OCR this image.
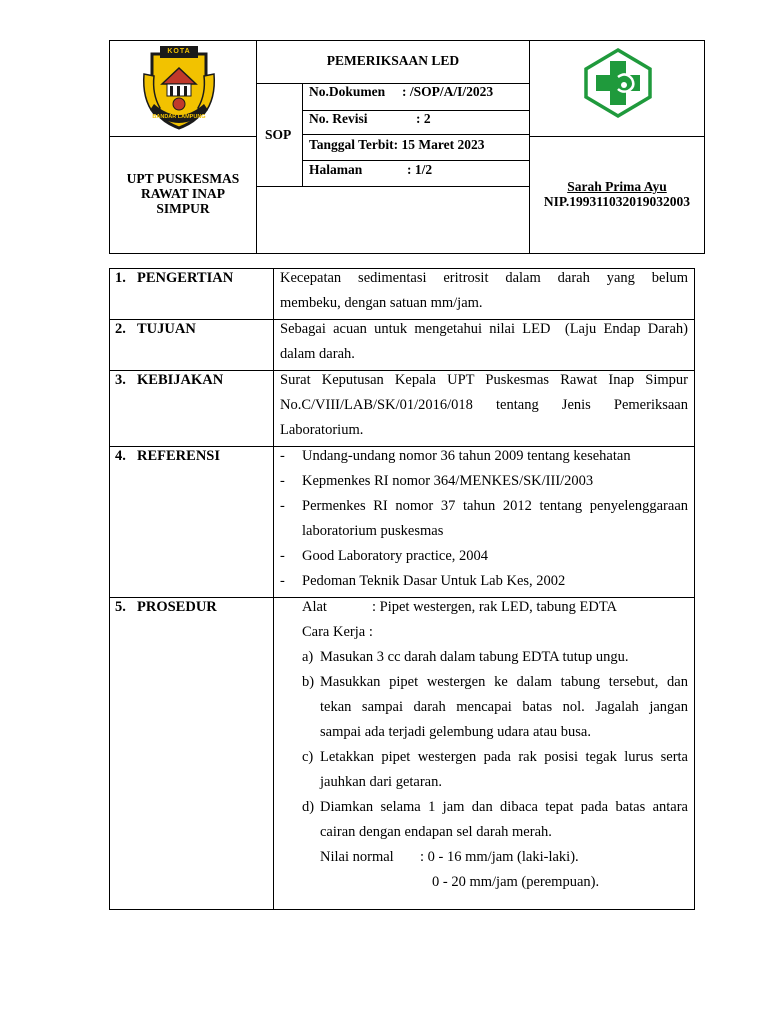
KOTA
BANDAR LAMPUNG
PEMERIKSAAN LED
SOP
No.Dokumen : /SOP/A/I/2023
No. Revisi	: 2
Tanggal Terbit: 15 Maret 2023
Halaman	: 1/2
UPT PUSKESMAS
RAWAT INAP
SIMPUR
Sarah Prima Ayu
NIP.199311032019032003
1. PENGERTIAN	Kecepatan sedimentasi eritrosit dalam darah yang belum
membeku, dengan satuan mm/jam.
2. TUJUAN	Sebagai acuan untuk mengetahui nilai LED  (Laju Endap Darah)
dalam darah.
3. KEBIJAKAN	Surat Keputusan Kepala UPT Puskesmas Rawat Inap Simpur
No.C/VIII/LAB/SK/01/2016/018 tentang Jenis Pemeriksaan
Laboratorium.
4. REFERENSI	- Undang-undang nomor 36 tahun 2009 tentang kesehatan
- Kepmenkes RI nomor 364/MENKES/SK/III/2003
- Permenkes RI nomor 37 tahun 2012 tentang penyelenggaraan
laboratorium puskesmas
- Good Laboratory practice, 2004
- Pedoman Teknik Dasar Untuk Lab Kes, 2002
5. PROSEDUR	Alat	: Pipet westergen, rak LED, tabung EDTA
Cara Kerja :
a) Masukan 3 cc darah dalam tabung EDTA tutup ungu.
b) Masukkan pipet westergen ke dalam tabung tersebut, dan
tekan sampai darah mencapai batas nol. Jagalah jangan
sampai ada terjadi gelembung udara atau busa.
c) Letakkan pipet westergen pada rak posisi tegak lurus serta
jauhkan dari getaran.
d) Diamkan selama 1 jam dan dibaca tepat pada batas antara
cairan dengan endapan sel darah merah.
Nilai normal : 0 - 16 mm/jam (laki-laki).
0 - 20 mm/jam (perempuan).
